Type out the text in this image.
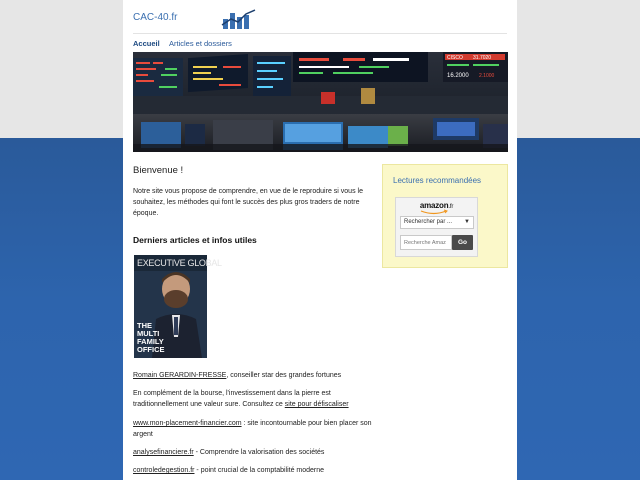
CAC-40.fr
Accueil Articles et dossiers
CISCO 31.7020
16.2000 2.1000
Bienvenue !
Notre site vous propose de comprendre, en vue de le reproduire si vous le souhaitez, les méthodes qui font le succès des plus gros traders de notre époque.
Derniers articles et infos utiles
EXECUTIVE GLOBAL
THE
MULTI
FAMILY
OFFICE
Romain GERARDIN-FRESSE, conseiller star des grandes fortunes
En complément de la bourse, l'investissement dans la pierre est traditionnellement une valeur sure. Consultez ce site pour défiscaliser
www.mon-placement-financier.com : site incontournable pour bien placer son argent
analysefinanciere.fr - Comprendre la valorisation des sociétés
controledegestion.fr - point crucial de la comptabilité moderne
Lectures recommandées
amazon.fr
Rechercher par ... ▼
Recherche Amaz
Go
